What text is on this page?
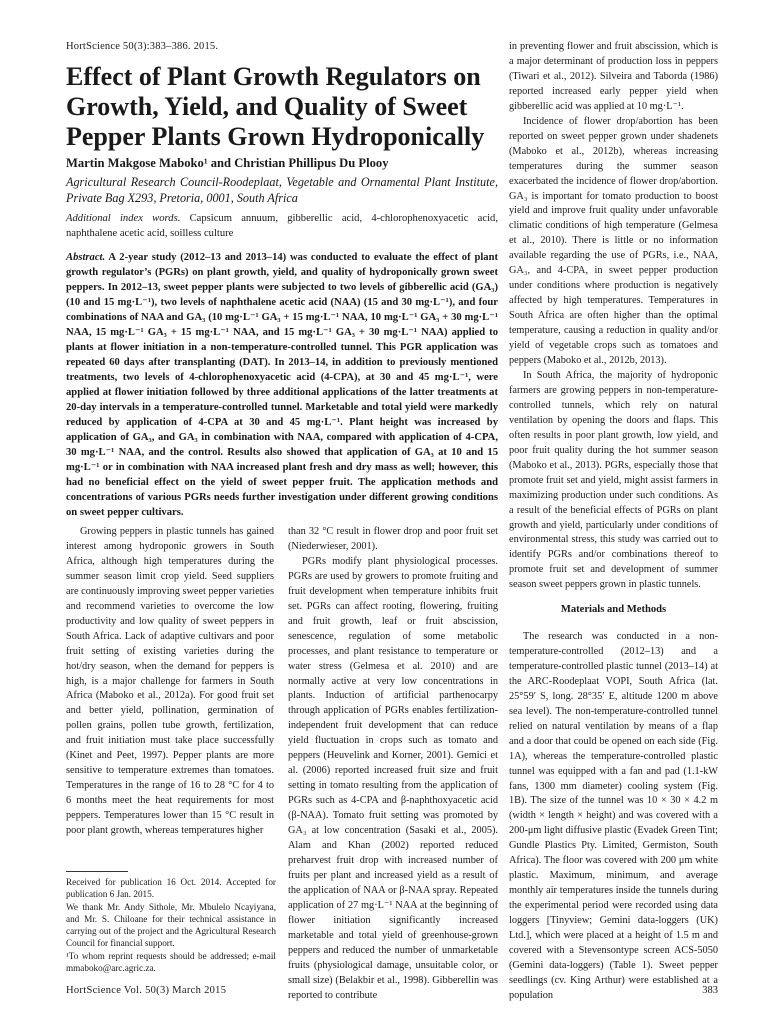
HortScience 50(3):383–386. 2015.
Effect of Plant Growth Regulators on
Growth, Yield, and Quality of Sweet
Pepper Plants Grown Hydroponically
Martin Makgose Maboko¹ and Christian Phillipus Du Plooy
Agricultural Research Council-Roodeplaat, Vegetable and Ornamental Plant Institute, Private Bag X293, Pretoria, 0001, South Africa
Additional index words. Capsicum annuum, gibberellic acid, 4-chlorophenoxyacetic acid, naphthalene acetic acid, soilless culture
Abstract. A 2-year study (2012–13 and 2013–14) was conducted to evaluate the effect of plant growth regulator’s (PGRs) on plant growth, yield, and quality of hydroponically grown sweet peppers. In 2012–13, sweet pepper plants were subjected to two levels of gibberellic acid (GA₃) (10 and 15 mg·L⁻¹), two levels of naphthalene acetic acid (NAA) (15 and 30 mg·L⁻¹), and four combinations of NAA and GA₃ (10 mg·L⁻¹ GA₃ + 15 mg·L⁻¹ NAA, 10 mg·L⁻¹ GA₃ + 30 mg·L⁻¹ NAA, 15 mg·L⁻¹ GA₃ + 15 mg·L⁻¹ NAA, and 15 mg·L⁻¹ GA₃ + 30 mg·L⁻¹ NAA) applied to plants at flower initiation in a non-temperature-controlled tunnel. This PGR application was repeated 60 days after transplanting (DAT). In 2013–14, in addition to previously mentioned treatments, two levels of 4-chlorophenoxyacetic acid (4-CPA), at 30 and 45 mg·L⁻¹, were applied at flower initiation followed by three additional applications of the latter treatments at 20-day intervals in a temperature-controlled tunnel. Marketable and total yield were markedly reduced by application of 4-CPA at 30 and 45 mg·L⁻¹. Plant height was increased by application of GA₃, and GA₃ in combination with NAA, compared with application of 4-CPA, 30 mg·L⁻¹ NAA, and the control. Results also showed that application of GA₃ at 10 and 15 mg·L⁻¹ or in combination with NAA increased plant fresh and dry mass as well; however, this had no beneficial effect on the yield of sweet pepper fruit. The application methods and concentrations of various PGRs needs further investigation under different growing conditions on sweet pepper cultivars.

Growing peppers in plastic tunnels has gained interest among hydroponic growers in South Africa, although high temperatures during the summer season limit crop yield. Seed suppliers are continuously improving sweet pepper varieties and recommend varieties to overcome the low productivity and low quality of sweet peppers in South Africa. Lack of adaptive cultivars and poor fruit setting of existing varieties during the hot/dry season, when the demand for peppers is high, is a major challenge for farmers in South Africa (Maboko et al., 2012a). For good fruit set and better yield, pollination, germination of pollen grains, pollen tube growth, fertilization, and fruit initiation must take place successfully (Kinet and Peet, 1997). Pepper plants are more sensitive to temperature extremes than tomatoes. Temperatures in the range of 16 to 28 °C for 4 to 6 months meet the heat requirements for most peppers. Temperatures lower than 15 °C result in poor plant growth, whereas temperatures higher

Received for publication 16 Oct. 2014. Accepted for publication 6 Jan. 2015.

We thank Mr. Andy Sithole, Mr. Mbulelo Ncayiyana, and Mr. S. Chiloane for their technical assistance in carrying out of the project and the Agricultural Research Council for financial support.

¹To whom reprint requests should be addressed; e-mail mmaboko@arc.agric.za.

than 32 °C result in flower drop and poor fruit set (Niederwieser, 2001).

PGRs modify plant physiological processes. PGRs are used by growers to promote fruiting and fruit development when temperature inhibits fruit set. PGRs can affect rooting, flowering, fruiting and fruit growth, leaf or fruit abscission, senescence, regulation of some metabolic processes, and plant resistance to temperature or water stress (Gelmesa et al. 2010) and are normally active at very low concentrations in plants. Induction of artificial parthenocarpy through application of PGRs enables fertilization-independent fruit development that can reduce yield fluctuation in crops such as tomato and peppers (Heuvelink and Korner, 2001). Gemici et al. (2006) reported increased fruit size and fruit setting in tomato resulting from the application of PGRs such as 4-CPA and β-naphthoxyacetic acid (β-NAA). Tomato fruit setting was promoted by GA₃ at low concentration (Sasaki et al., 2005). Alam and Khan (2002) reported reduced preharvest fruit drop with increased number of fruits per plant and increased yield as a result of the application of NAA or β-NAA spray. Repeated application of 27 mg·L⁻¹ NAA at the beginning of flower initiation significantly increased marketable and total yield of greenhouse-grown peppers and reduced the number of unmarketable fruits (physiological damage, unsuitable color, or small size) (Belakbir et al., 1998). Gibberellin was reported to contribute

in preventing flower and fruit abscission, which is a major determinant of production loss in peppers (Tiwari et al., 2012). Silveira and Taborda (1986) reported increased early pepper yield when gibberellic acid was applied at 10 mg·L⁻¹.

Incidence of flower drop/abortion has been reported on sweet pepper grown under shadenets (Maboko et al., 2012b), whereas increasing temperatures during the summer season exacerbated the incidence of flower drop/abortion. GA₃ is important for tomato production to boost yield and improve fruit quality under unfavorable climatic conditions of high temperature (Gelmesa et al., 2010). There is little or no information available regarding the use of PGRs, i.e., NAA, GA₃, and 4-CPA, in sweet pepper production under conditions where production is negatively affected by high temperatures. Temperatures in South Africa are often higher than the optimal temperature, causing a reduction in quality and/or yield of vegetable crops such as tomatoes and peppers (Maboko et al., 2012b, 2013).

In South Africa, the majority of hydroponic farmers are growing peppers in non-temperature-controlled tunnels, which rely on natural ventilation by opening the doors and flaps. This often results in poor plant growth, low yield, and poor fruit quality during the hot summer season (Maboko et al., 2013). PGRs, especially those that promote fruit set and yield, might assist farmers in maximizing production under such conditions. As a result of the beneficial effects of PGRs on plant growth and yield, particularly under conditions of environmental stress, this study was carried out to identify PGRs and/or combinations thereof to promote fruit set and development of summer season sweet peppers grown in plastic tunnels.

Materials and Methods

The research was conducted in a non-temperature-controlled (2012–13) and a temperature-controlled plastic tunnel (2013–14) at the ARC-Roodeplaat VOPI, South Africa (lat. 25°59′ S, long. 28°35′ E, altitude 1200 m above sea level). The non-temperature-controlled tunnel relied on natural ventilation by means of a flap and a door that could be opened on each side (Fig. 1A), whereas the temperature-controlled plastic tunnel was equipped with a fan and pad (1.1-kW fans, 1300 mm diameter) cooling system (Fig. 1B). The size of the tunnel was 10 × 30 × 4.2 m (width × length × height) and was covered with a 200-μm light diffusive plastic (Evadek Green Tint; Gundle Plastics Pty. Limited, Germiston, South Africa). The floor was covered with 200 μm white plastic. Maximum, minimum, and average monthly air temperatures inside the tunnels during the experimental period were recorded using data loggers [Tinyview; Gemini data-loggers (UK) Ltd.], which were placed at a height of 1.5 m and covered with a Stevensontype screen ACS-5050 (Gemini data-loggers) (Table 1). Sweet pepper seedlings (cv. King Arthur) were established at a population

HortScience Vol. 50(3) March 2015	383
